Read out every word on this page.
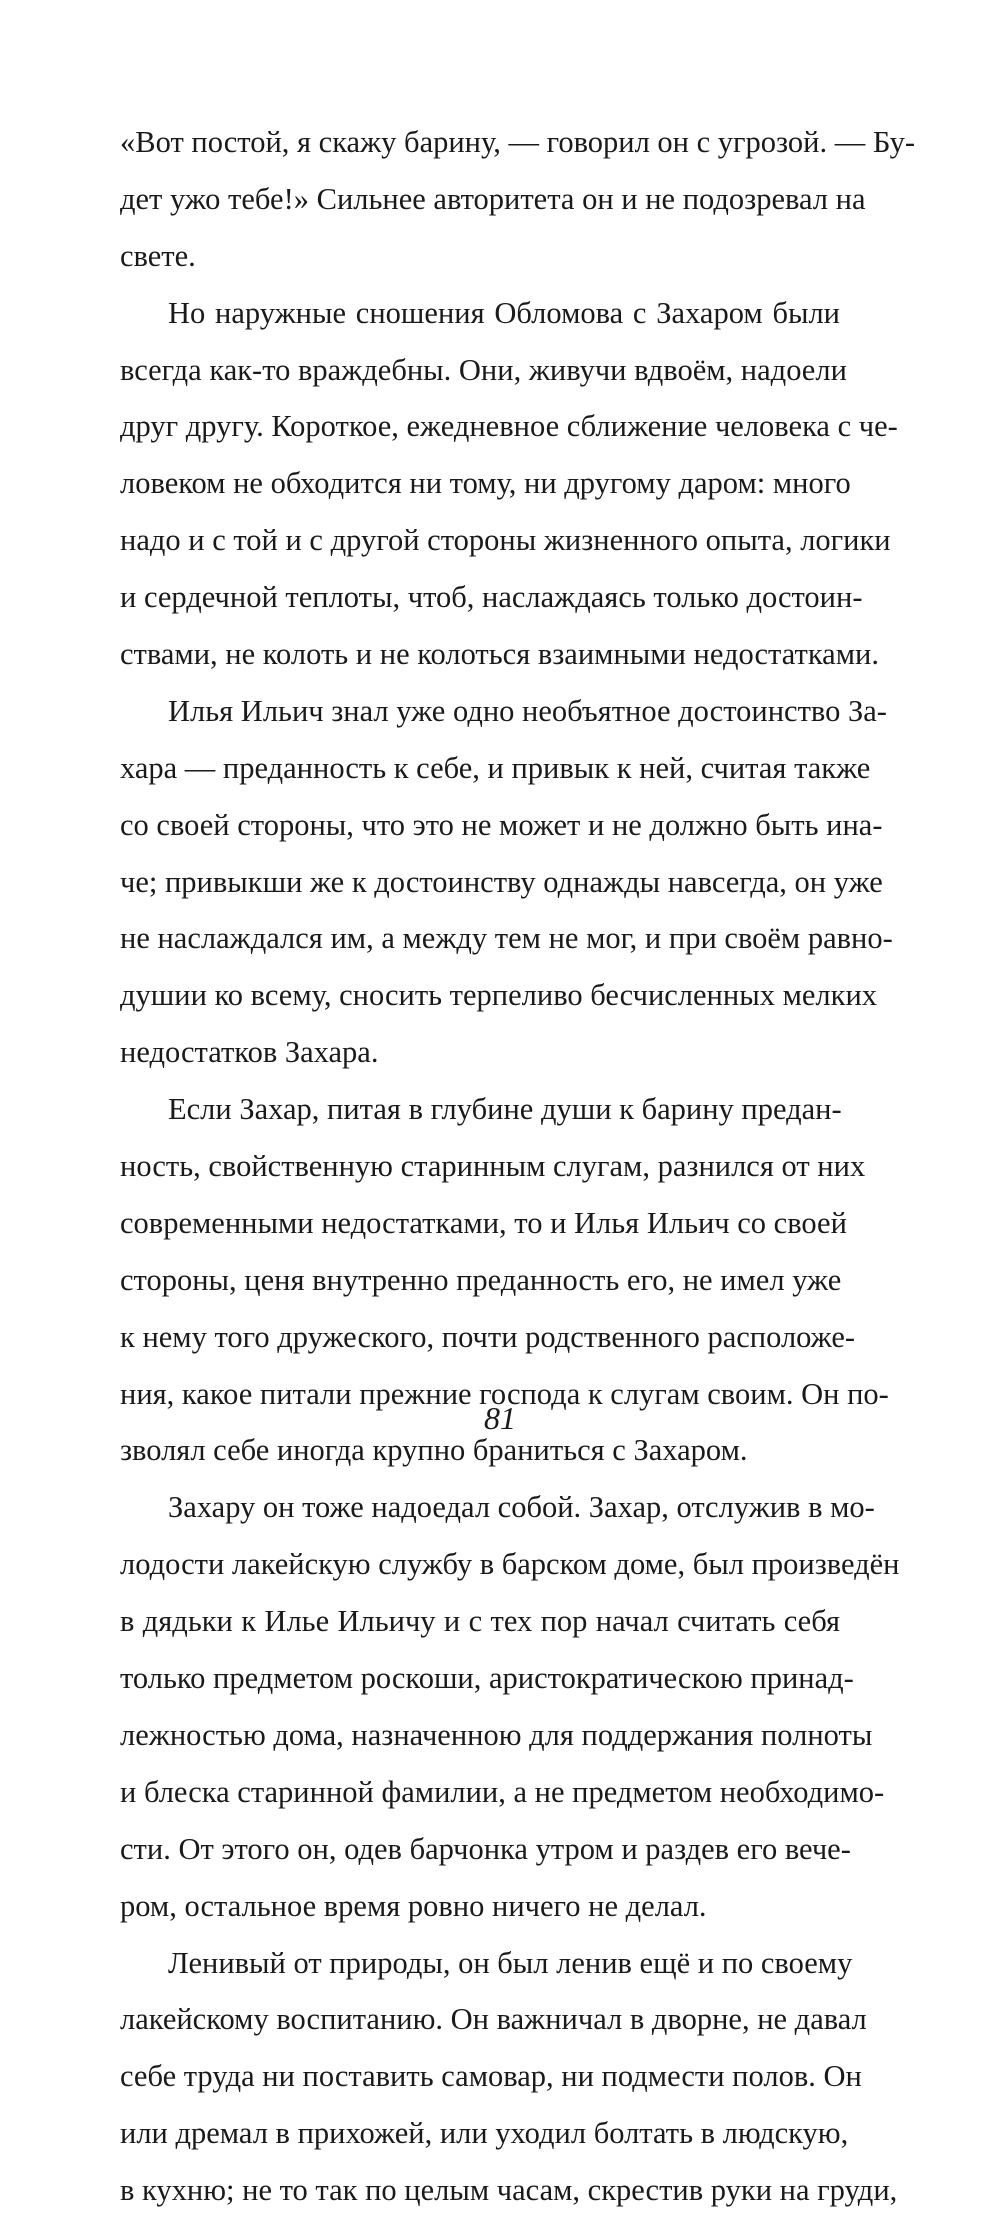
«Вот постой, я скажу барину, — говорил он с угрозой. — Бу-
дет ужо тебе!» Сильнее авторитета он и не подозревал на
свете.
Но наружные сношения Обломова с Захаром были
всегда как-то враждебны. Они, живучи вдвоём, надоели
друг другу. Короткое, ежедневное сближение человека с че-
ловеком не обходится ни тому, ни другому даром: много
надо и с той и с другой стороны жизненного опыта, логики
и сердечной теплоты, чтоб, наслаждаясь только достоин-
ствами, не колоть и не колоться взаимными недостатками.
Илья Ильич знал уже одно необъятное достоинство За-
хара — преданность к себе, и привык к ней, считая также
со своей стороны, что это не может и не должно быть ина-
че; привыкши же к достоинству однажды навсегда, он уже
не наслаждался им, а между тем не мог, и при своём равно-
душии ко всему, сносить терпеливо бесчисленных мелких
недостатков Захара.
Если Захар, питая в глубине души к барину предан-
ность, свойственную старинным слугам, разнился от них
современными недостатками, то и Илья Ильич со своей
стороны, ценя внутренно преданность его, не имел уже
к нему того дружеского, почти родственного расположе-
ния, какое питали прежние господа к слугам своим. Он по-
зволял себе иногда крупно браниться с Захаром.
Захару он тоже надоедал собой. Захар, отслужив в мо-
лодости лакейскую службу в барском доме, был произведён
в дядьки к Илье Ильичу и с тех пор начал считать себя
только предметом роскоши, аристократическою принад-
лежностью дома, назначенною для поддержания полноты
и блеска старинной фамилии, а не предметом необходимо-
сти. От этого он, одев барчонка утром и раздев его вече-
ром, остальное время ровно ничего не делал.
Ленивый от природы, он был ленив ещё и по своему
лакейскому воспитанию. Он важничал в дворне, не давал
себе труда ни поставить самовар, ни подмести полов. Он
или дремал в прихожей, или уходил болтать в людскую,
в кухню; не то так по целым часам, скрестив руки на груди,
81
